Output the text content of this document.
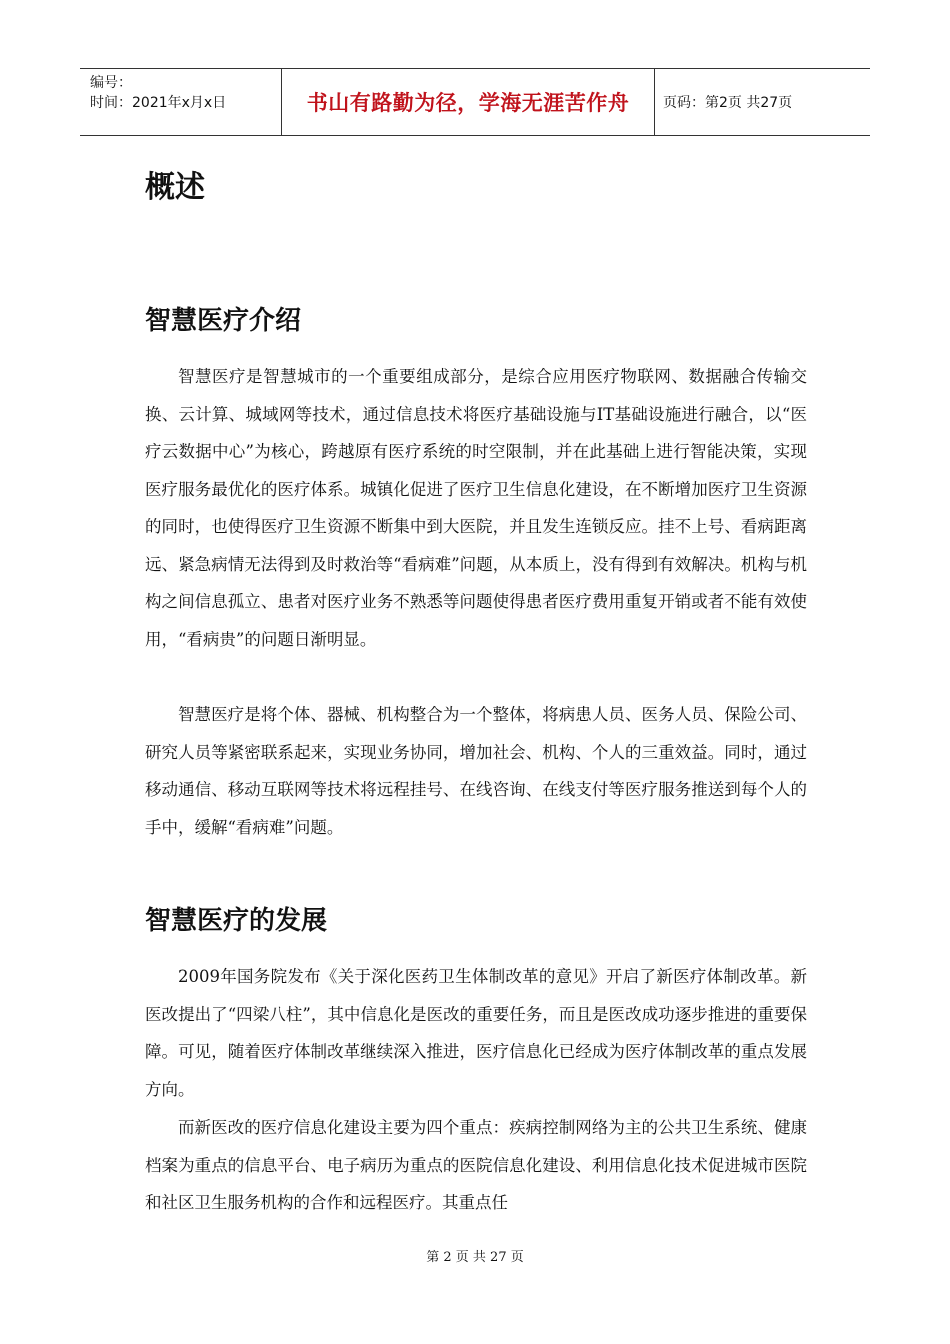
编号：
时间：2021年x月x日	书山有路勤为径，学海无涯苦作舟	页码：第2页 共27页
概述
智慧医疗介绍

智慧医疗是智慧城市的一个重要组成部分，是综合应用医疗物联网、数据融合传输交换、云计算、城域网等技术，通过信息技术将医疗基础设施与IT基础设施进行融合，以“医疗云数据中心”为核心，跨越原有医疗系统的时空限制，并在此基础上进行智能决策，实现医疗服务最优化的医疗体系。城镇化促进了医疗卫生信息化建设，在不断增加医疗卫生资源的同时，也使得医疗卫生资源不断集中到大医院，并且发生连锁反应。挂不上号、看病距离远、紧急病情无法得到及时救治等“看病难”问题，从本质上，没有得到有效解决。机构与机构之间信息孤立、患者对医疗业务不熟悉等问题使得患者医疗费用重复开销或者不能有效使用，“看病贵”的问题日渐明显。

智慧医疗是将个体、器械、机构整合为一个整体，将病患人员、医务人员、保险公司、研究人员等紧密联系起来，实现业务协同，增加社会、机构、个人的三重效益。同时，通过移动通信、移动互联网等技术将远程挂号、在线咨询、在线支付等医疗服务推送到每个人的手中，缓解“看病难”问题。

智慧医疗的发展

2009年国务院发布《关于深化医药卫生体制改革的意见》开启了新医疗体制改革。新医改提出了“四梁八柱”，其中信息化是医改的重要任务，而且是医改成功逐步推进的重要保障。可见，随着医疗体制改革继续深入推进，医疗信息化已经成为医疗体制改革的重点发展方向。

而新医改的医疗信息化建设主要为四个重点：疾病控制网络为主的公共卫生系统、健康档案为重点的信息平台、电子病历为重点的医院信息化建设、利用信息化技术促进城市医院和社区卫生服务机构的合作和远程医疗。其重点任

第 2 页 共 27 页
